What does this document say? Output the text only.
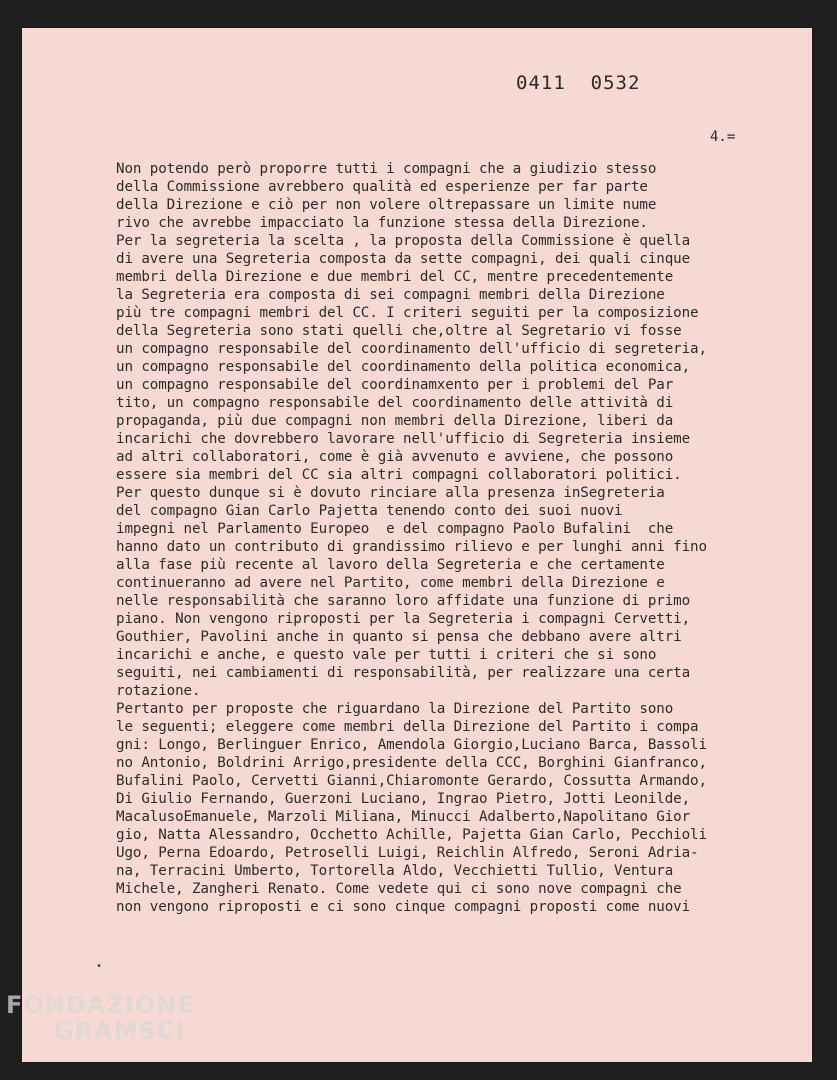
0411  0532
4.=
Non potendo però proporre tutti i compagni che a giudizio stesso
della Commissione avrebbero qualità ed esperienze per far parte
della Direzione e ciò per non volere oltrepassare un limite nume
rivo che avrebbe impacciato la funzione stessa della Direzione.
Per la segreteria la scelta , la proposta della Commissione è quella
di avere una Segreteria composta da sette compagni, dei quali cinque
membri della Direzione e due membri del CC, mentre precedentemente
la Segreteria era composta di sei compagni membri della Direzione
più tre compagni membri del CC. I criteri seguiti per la composizione
della Segreteria sono stati quelli che,oltre al Segretario vi fosse
un compagno responsabile del coordinamento dell'ufficio di segreteria,
un compagno responsabile del coordinamento della politica economica,
un compagno responsabile del coordinamxento per i problemi del Par
tito, un compagno responsabile del coordinamento delle attività di
propaganda, più due compagni non membri della Direzione, liberi da
incarichi che dovrebbero lavorare nell'ufficio di Segreteria insieme
ad altri collaboratori, come è già avvenuto e avviene, che possono
essere sia membri del CC sia altri compagni collaboratori politici.
Per questo dunque si è dovuto rinciare alla presenza inSegreteria
del compagno Gian Carlo Pajetta tenendo conto dei suoi nuovi
impegni nel Parlamento Europeo  e del compagno Paolo Bufalini  che
hanno dato un contributo di grandissimo rilievo e per lunghi anni fino
alla fase più recente al lavoro della Segreteria e che certamente
continueranno ad avere nel Partito, come membri della Direzione e
nelle responsabilità che saranno loro affidate una funzione di primo
piano. Non vengono riproposti per la Segreteria i compagni Cervetti,
Gouthier, Pavolini anche in quanto si pensa che debbano avere altri
incarichi e anche, e questo vale per tutti i criteri che si sono
seguiti, nei cambiamenti di responsabilità, per realizzare una certa
rotazione.
Pertanto per proposte che riguardano la Direzione del Partito sono
le seguenti; eleggere come membri della Direzione del Partito i compa
gni: Longo, Berlinguer Enrico, Amendola Giorgio,Luciano Barca, Bassoli
no Antonio, Boldrini Arrigo,presidente della CCC, Borghini Gianfranco,
Bufalini Paolo, Cervetti Gianni,Chiaromonte Gerardo, Cossutta Armando,
Di Giulio Fernando, Guerzoni Luciano, Ingrao Pietro, Jotti Leonilde,
MacalusoEmanuele, Marzoli Miliana, Minucci Adalberto,Napolitano Gior
gio, Natta Alessandro, Occhetto Achille, Pajetta Gian Carlo, Pecchioli
Ugo, Perna Edoardo, Petroselli Luigi, Reichlin Alfredo, Seroni Adria-
na, Terracini Umberto, Tortorella Aldo, Vecchietti Tullio, Ventura
Michele, Zangheri Renato. Come vedete qui ci sono nove compagni che
non vengono riproposti e ci sono cinque compagni proposti come nuovi
•
FONDAZIONE
GRAMSCI
